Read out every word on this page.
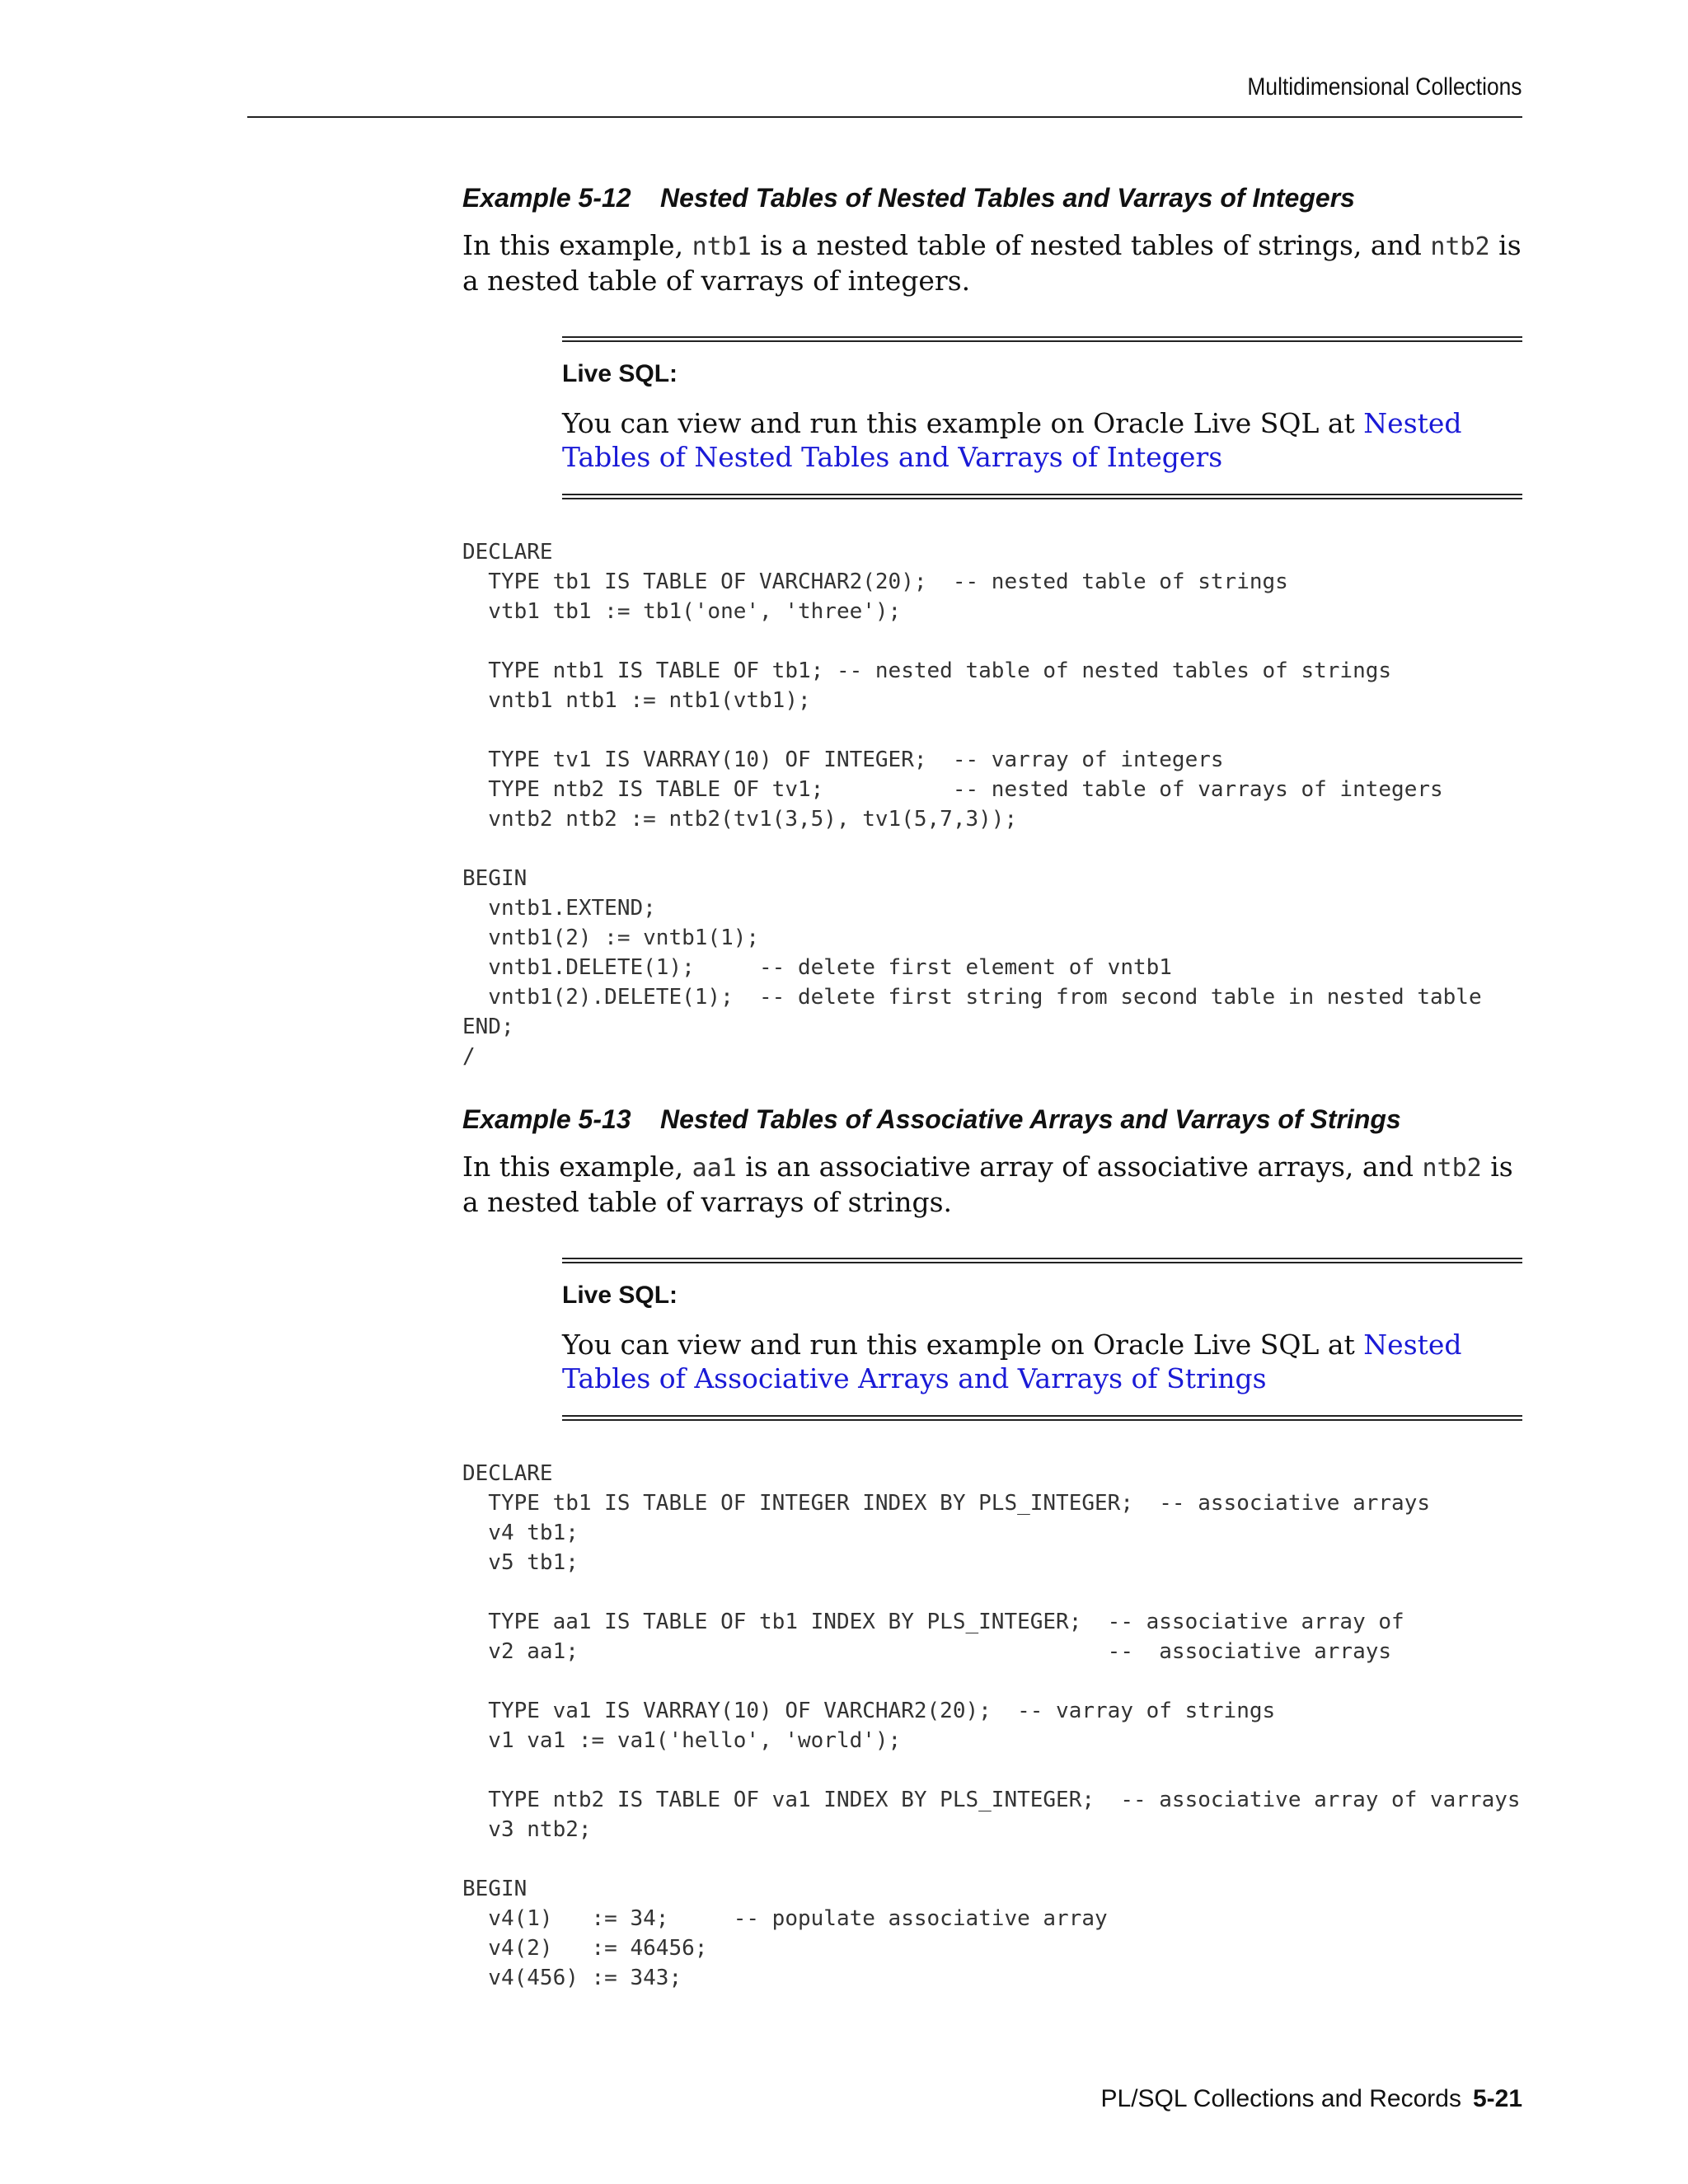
Multidimensional Collections
Example 5-12 Nested Tables of Nested Tables and Varrays of Integers
In this example, ntb1 is a nested table of nested tables of strings, and ntb2 is a nested table of varrays of integers.
Live SQL:
You can view and run this example on Oracle Live SQL at Nested Tables of Nested Tables and Varrays of Integers
DECLARE
TYPE tb1 IS TABLE OF VARCHAR2(20);  -- nested table of strings
vtb1 tb1 := tb1('one', 'three');

TYPE ntb1 IS TABLE OF tb1; -- nested table of nested tables of strings
vntb1 ntb1 := ntb1(vtb1);

TYPE tv1 IS VARRAY(10) OF INTEGER;  -- varray of integers
TYPE ntb2 IS TABLE OF tv1;          -- nested table of varrays of integers
vntb2 ntb2 := ntb2(tv1(3,5), tv1(5,7,3));

BEGIN
vntb1.EXTEND;
vntb1(2) := vntb1(1);
vntb1.DELETE(1);     -- delete first element of vntb1
vntb1(2).DELETE(1);  -- delete first string from second table in nested table
END;
/
Example 5-13 Nested Tables of Associative Arrays and Varrays of Strings
In this example, aa1 is an associative array of associative arrays, and ntb2 is a nested table of varrays of strings.
Live SQL:
You can view and run this example on Oracle Live SQL at Nested Tables of Associative Arrays and Varrays of Strings
DECLARE
TYPE tb1 IS TABLE OF INTEGER INDEX BY PLS_INTEGER;  -- associative arrays
v4 tb1;
v5 tb1;

TYPE aa1 IS TABLE OF tb1 INDEX BY PLS_INTEGER;  -- associative array of
v2 aa1;                                         --  associative arrays

TYPE va1 IS VARRAY(10) OF VARCHAR2(20);  -- varray of strings
v1 va1 := va1('hello', 'world');

TYPE ntb2 IS TABLE OF va1 INDEX BY PLS_INTEGER;  -- associative array of varrays
v3 ntb2;

BEGIN
v4(1)   := 34;     -- populate associative array
v4(2)   := 46456;
v4(456) := 343;
PL/SQL Collections and Records 5-21
